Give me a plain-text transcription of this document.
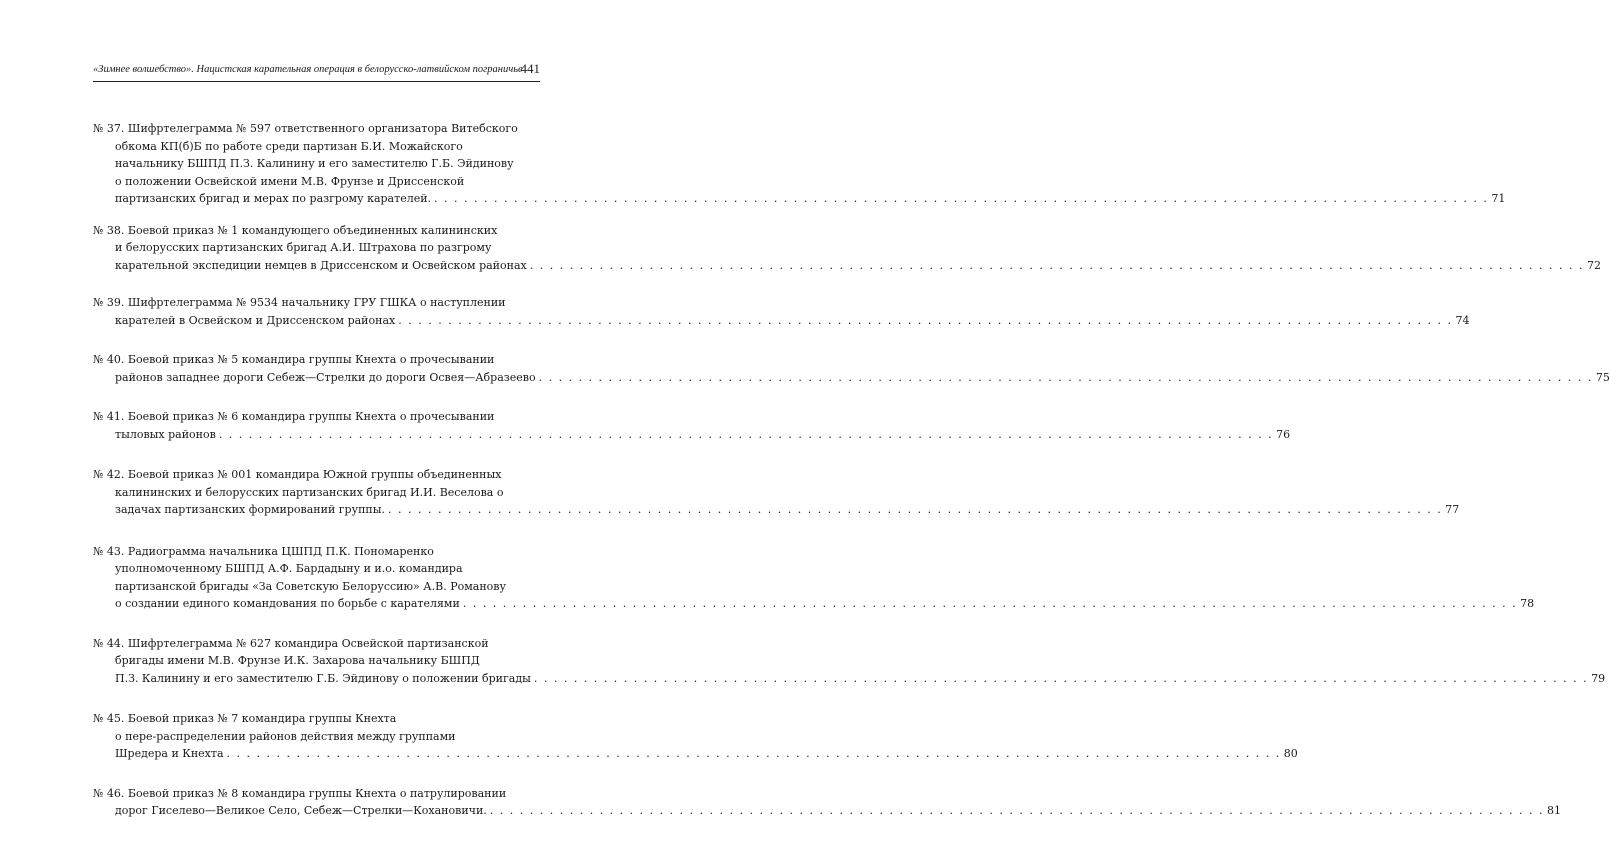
«Зимнее волшебство». Нацистская карательная операция в белорусско-латвийском пограничье
441
№ 37. Шифртелеграмма № 597 ответственного организатора Витебского
обкома КП(б)Б по работе среди партизан Б.И. Можайского
начальнику БШПД П.З. Калинину и его заместителю Г.Б. Эйдинову
о положении Освейской имени М.В. Фрунзе и Дриссенской
партизанских бригад и мерах по разгрому карателей. . . .	71
№ 38. Боевой приказ № 1 командующего объединенных калининских
и белорусских партизанских бригад А.И. Штрахова по разгрому
карательной экспедиции немцев в Дриссенском и Освейском районах . . .	72
№ 39. Шифртелеграмма № 9534 начальнику ГРУ ГШКА о наступлении
карателей в Освейском и Дриссенском районах . . .	74
№ 40. Боевой приказ № 5 командира группы Кнехта о прочесывании
районов западнее дороги Себеж—Стрелки до дороги Освея—Абразеево . . .	75
№ 41. Боевой приказ № 6 командира группы Кнехта о прочесывании
тыловых районов . . .	76
№ 42. Боевой приказ № 001 командира Южной группы объединенных
калининских и белорусских партизанских бригад И.И. Веселова о
задачах партизанских формирований группы. . . .	77
№ 43. Радиограмма начальника ЦШПД П.К. Пономаренко
уполномоченному БШПД А.Ф. Бардадыну и и.о. командира
партизанской бригады «За Советскую Белоруссию» А.В. Романову
о создании единого командования по борьбе с карателями . . .	78
№ 44. Шифртелеграмма № 627 командира Освейской партизанской
бригады имени М.В. Фрунзе И.К. Захарова начальнику БШПД
П.З. Калинину и его заместителю Г.Б. Эйдинову о положении бригады . . .	79
№ 45. Боевой приказ № 7 командира группы Кнехта
о пере-распределении районов действия между группами
Шредера и Кнехта . . .	80
№ 46. Боевой приказ № 8 командира группы Кнехта о патрулировании
дорог Гиселево—Великое Село, Себеж—Стрелки—Кохановичи. . . .	81
